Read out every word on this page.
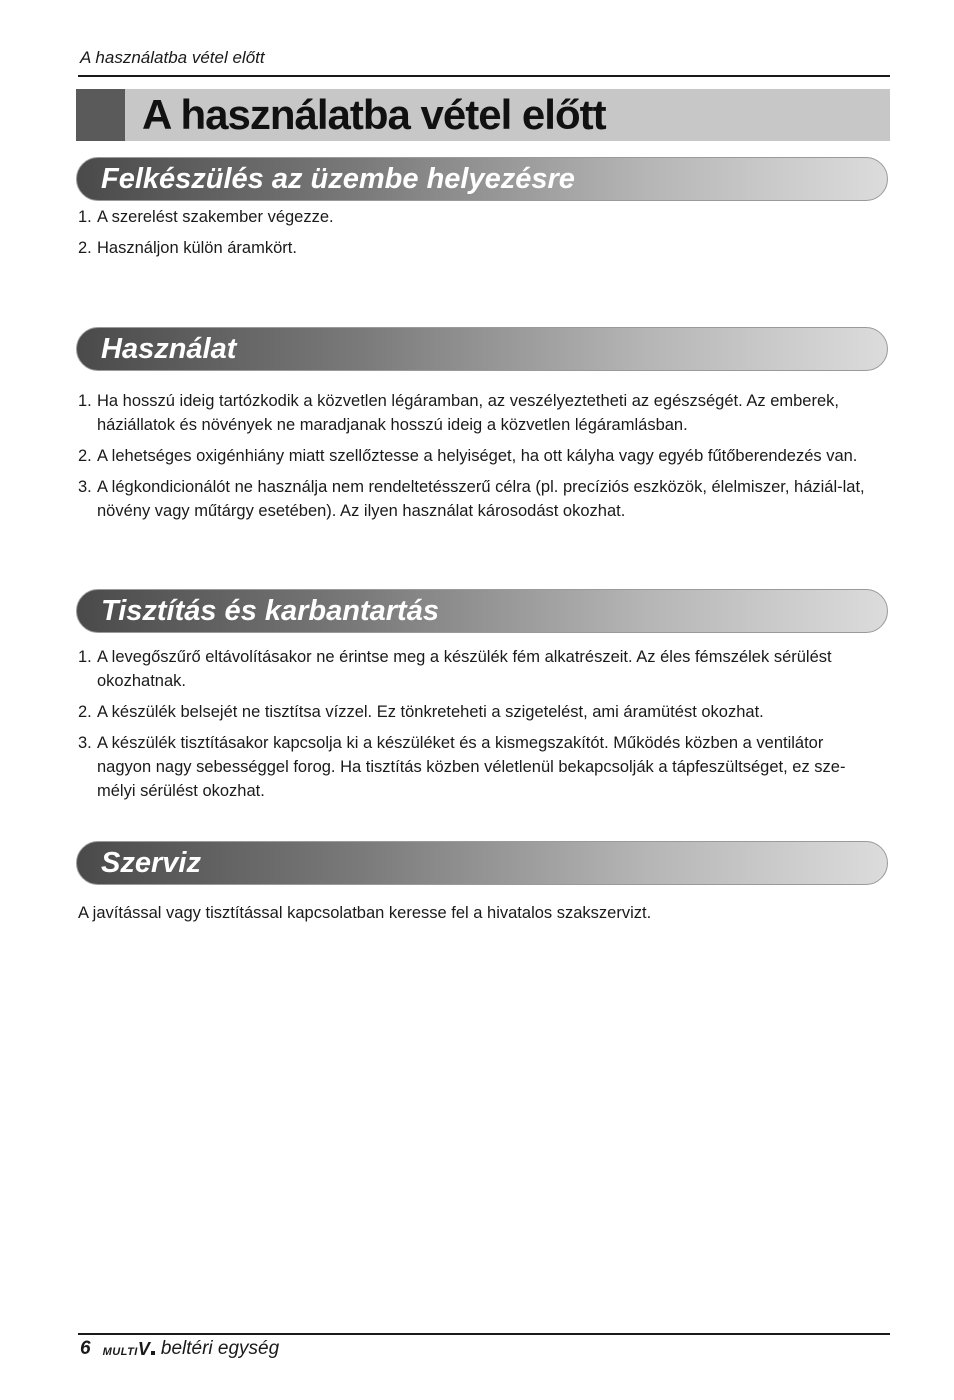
A használatba vétel előtt
A használatba vétel előtt
Felkészülés az üzembe helyezésre
1. A szerelést szakember végezze.
2. Használjon külön áramkört.
Használat
1. Ha hosszú ideig tartózkodik a közvetlen légáramban, az veszélyeztetheti az egészségét. Az emberek, háziállatok és növények ne maradjanak hosszú ideig a közvetlen légáramlásban.
2. A lehetséges oxigénhiány miatt szellőztesse a helyiséget, ha ott kályha vagy egyéb fűtőberendezés van.
3. A légkondicionálót ne használja nem rendeltetésszerű célra (pl. precíziós eszközök, élelmiszer, háziál-lat, növény vagy műtárgy esetében). Az ilyen használat károsodást okozhat.
Tisztítás és karbantartás
1. A levegőszűrő eltávolításakor ne érintse meg a készülék fém alkatrészeit. Az éles fémszélek sérülést okozhatnak.
2. A készülék belsejét ne tisztítsa vízzel. Ez tönkreteheti a szigetelést, ami áramütést okozhat.
3. A készülék tisztításakor kapcsolja ki a készüléket és a kismegszakítót. Működés közben a ventilátor nagyon nagy sebességgel forog. Ha tisztítás közben véletlenül bekapcsolják a tápfeszültséget, ez sze-mélyi sérülést okozhat.
Szerviz
A javítással vagy tisztítással kapcsolatban keresse fel a hivatalos szakszervizt.
6 MULTI V beltéri egység
